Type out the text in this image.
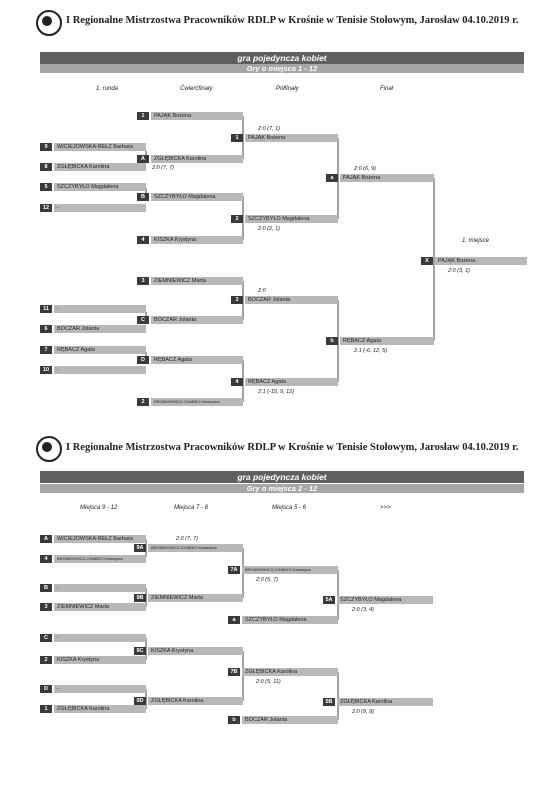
I Regionalne Mistrzostwa Pracowników RDLP w Krośnie w Tenisie Stołowym, Jarosław 04.10.2019 r.
gra pojedyncza kobiet
Gry o miejsca 1 - 12
1. runda	Ćwierćfinały	Półfinały	Finał
1. miejsce
9	WICIEJOWSKA-BEŁZ Barbara
8	ZGŁĘBICKA Karolina
5	SZCZYBYŁO Magdalena
12	-
11	-
6	BOCZAR Jolanta
7	RĘBACZ Agata
10	-
1	PAJĄK Bożena
A	ZGŁĘBICKA Karolina
2:0 (7, 7)
B	SZCZYBYŁO Magdalena
4	KISZKA Krystyna
3	ZIEMNIEWICZ Marta
C	BOCZAR Jolanta
D	RĘBACZ Agata
2	BRONKIEWICZ-CHABKO Katarzyna
2:0 (7, 1)
1	PAJĄK Bożena
2	SZCZYBYŁO Magdalena
2:0 (2, 1)
2:0
3	BOCZAR Jolanta
4	RĘBACZ Agata
2:1 (-15, 9, 12)
2:0 (6, 9)
a	PAJĄK Bożena
b	RĘBACZ Agata
2:1 (-6, 12, 5)
X	PAJĄK Bożena
2:0 (3, 1)
I Regionalne Mistrzostwa Pracowników RDLP w Krośnie w Tenisie Stołowym, Jarosław 04.10.2019 r.
gra pojedyncza kobiet
Gry o miejsca 2 - 12
Miejsca 9 - 12	Miejsca 7 - 8	Miejsca 5 - 6	>>>
A	WICIEJOWSKA-BEŁZ Barbara
4	BRONKIEWICZ-CHABKO Katarzyna
B	-
3	ZIEMNIEWICZ Marta
C	-
2	KISZKA Krystyna
D	-
1	ZGŁĘBICKA Karolina
2:0 (7, 7)
9A	BRONKIEWICZ-CHABKO Katarzyna
9B	ZIEMNIEWICZ Marta
9C	KISZKA Krystyna
9D	ZGŁĘBICKA Karolina
7A	BRONKIEWICZ-CHABKO Katarzyna
2:0 (5, 7)
a	SZCZYBYŁO Magdalena
7B	ZGŁĘBICKA Karolina
2:0 (5, 11)
b	BOCZAR Jolanta
5A	SZCZYBYŁO Magdalena
2:0 (3, 4)
5B	ZGŁĘBICKA Karolina
2:0 (9, 9)
